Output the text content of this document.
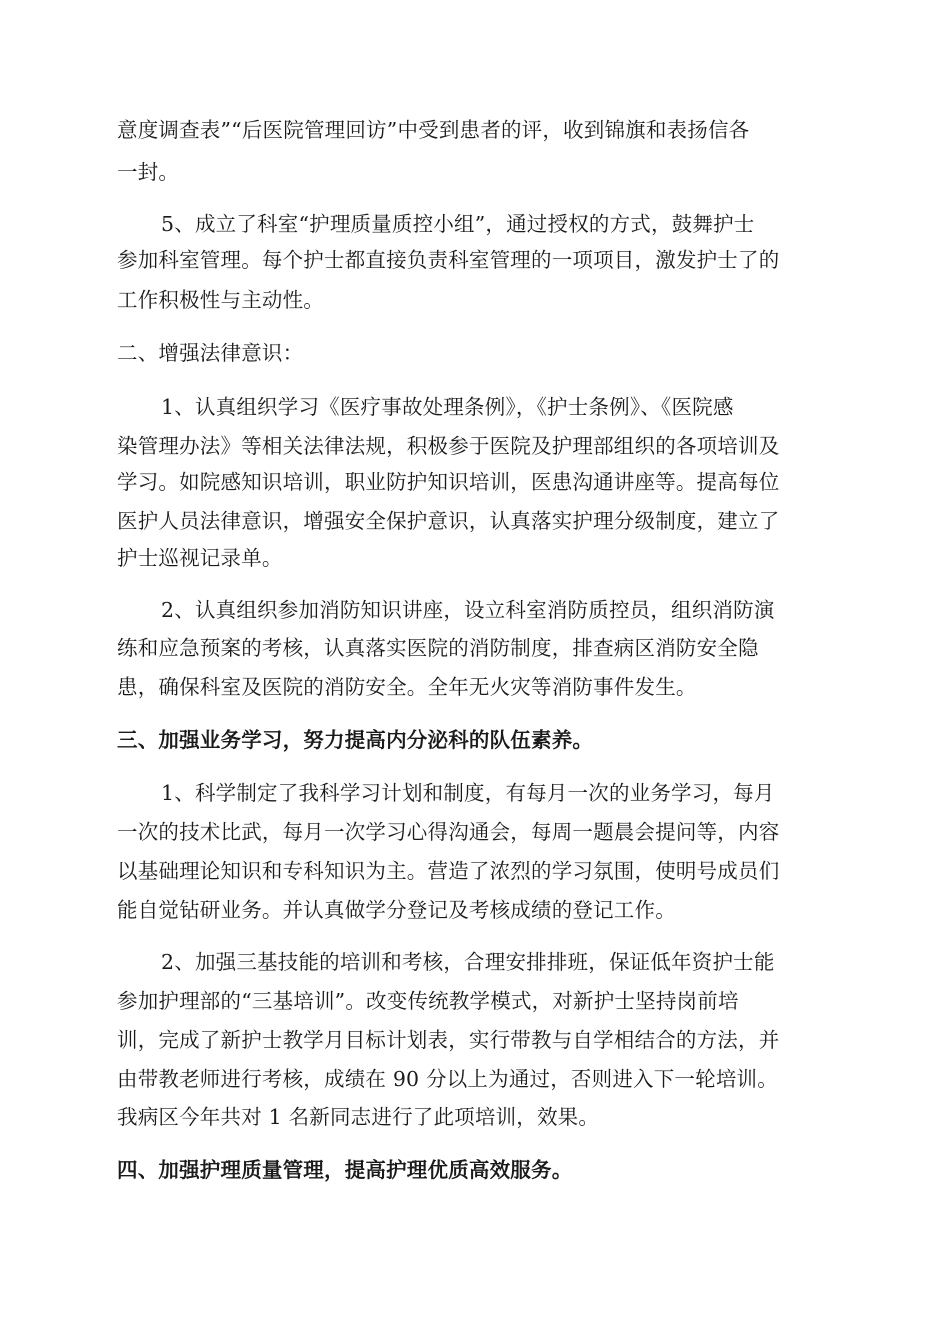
意度调查表”“后医院管理回访”中受到患者的评，收到锦旗和表扬信各
一封。
5、成立了科室“护理质量质控小组”，通过授权的方式，鼓舞护士
参加科室管理。每个护士都直接负责科室管理的一项项目，激发护士了的
工作积极性与主动性。
二、增强法律意识：
1、认真组织学习《医疗事故处理条例》，《护士条例》、《医院感
染管理办法》等相关法律法规，积极参于医院及护理部组织的各项培训及
学习。如院感知识培训，职业防护知识培训，医患沟通讲座等。提高每位
医护人员法律意识，增强安全保护意识，认真落实护理分级制度，建立了
护士巡视记录单。
2、认真组织参加消防知识讲座，设立科室消防质控员，组织消防演
练和应急预案的考核，认真落实医院的消防制度，排查病区消防安全隐
患，确保科室及医院的消防安全。全年无火灾等消防事件发生。
三、加强业务学习，努力提高内分泌科的队伍素养。
1、科学制定了我科学习计划和制度，有每月一次的业务学习，每月
一次的技术比武，每月一次学习心得沟通会，每周一题晨会提问等，内容
以基础理论知识和专科知识为主。营造了浓烈的学习氛围，使明号成员们
能自觉钻研业务。并认真做学分登记及考核成绩的登记工作。
2、加强三基技能的培训和考核，合理安排排班，保证低年资护士能
参加护理部的“三基培训”。改变传统教学模式，对新护士坚持岗前培
训，完成了新护士教学月目标计划表，实行带教与自学相结合的方法，并
由带教老师进行考核，成绩在 90 分以上为通过，否则进入下一轮培训。
我病区今年共对 1 名新同志进行了此项培训，效果。
四、加强护理质量管理，提高护理优质高效服务。
